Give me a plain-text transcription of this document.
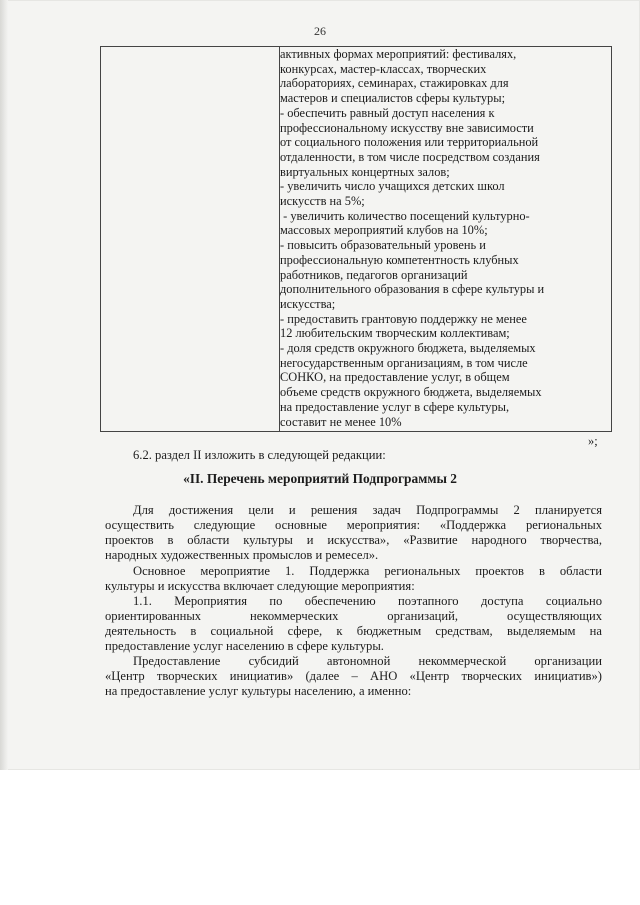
26

активных формах мероприятий: фестивалях,
конкурсах, мастер-классах, творческих
лабораториях, семинарах, стажировках для
мастеров и специалистов сферы культуры;
- обеспечить равный доступ населения к
профессиональному искусству вне зависимости
от социального положения или территориальной
отдаленности, в том числе посредством создания
виртуальных концертных залов;
- увеличить число учащихся детских школ
искусств на 5%;
- увеличить количество посещений культурно-
массовых мероприятий клубов на 10%;
- повысить образовательный уровень и
профессиональную компетентность клубных
работников, педагогов организаций
дополнительного образования в сфере культуры и
искусства;
- предоставить грантовую поддержку не менее
12 любительским творческим коллективам;
- доля средств окружного бюджета, выделяемых
негосударственным организациям, в том числе
СОНКО, на предоставление услуг, в общем
объеме средств окружного бюджета, выделяемых
на предоставление услуг в сфере культуры,
составит не менее 10%
»;
6.2. раздел II изложить в следующей редакции:
«II. Перечень мероприятий Подпрограммы 2
Для достижения цели и решения задач Подпрограммы 2 планируется
осуществить следующие основные мероприятия: «Поддержка региональных
проектов в области культуры и искусства», «Развитие народного творчества,
народных художественных промыслов и ремесел».
Основное мероприятие 1. Поддержка региональных проектов в области
культуры и искусства включает следующие мероприятия:
1.1. Мероприятия по обеспечению поэтапного доступа социально
ориентированных некоммерческих организаций, осуществляющих
деятельность в социальной сфере, к бюджетным средствам, выделяемым на
предоставление услуг населению в сфере культуры.
Предоставление субсидий автономной некоммерческой организации
«Центр творческих инициатив» (далее – АНО «Центр творческих инициатив»)
на предоставление услуг культуры населению, а именно:
